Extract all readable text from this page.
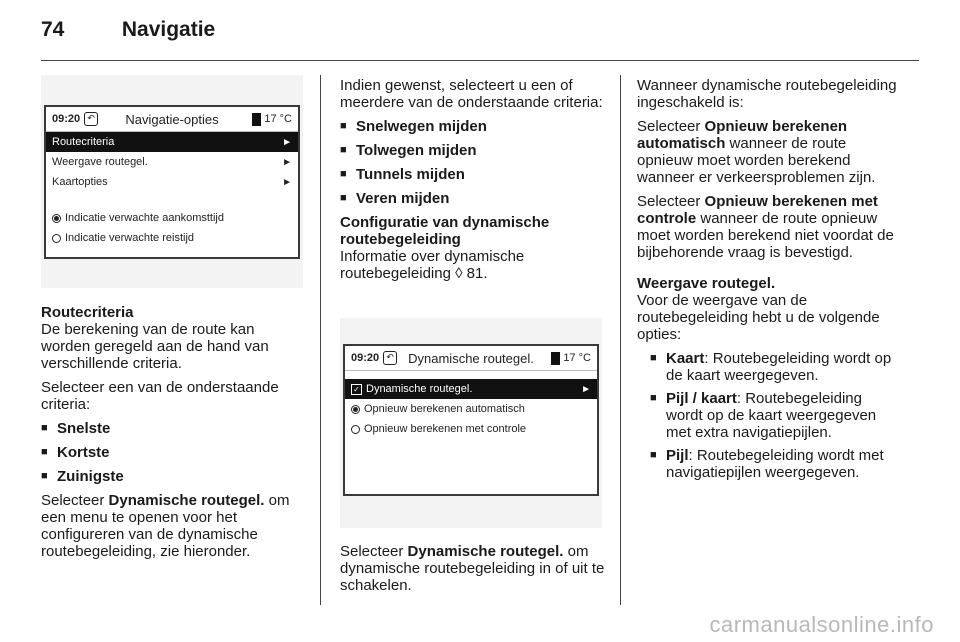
74	Navigatie
09:20 ↶	Navigatie-opties	17 °C
Routecriteria	►
Weergave routegel.	►
Kaartopties	►
Indicatie verwachte aankomsttijd
Indicatie verwachte reistijd
Routecriteria

De berekening van de route kan worden geregeld aan de hand van verschillende criteria.

Selecteer een van de onderstaande criteria:

■ Snelste
■ Kortste
■ Zuinigste

Selecteer Dynamische routegel. om een menu te openen voor het configureren van de dynamische routebegeleiding, zie hieronder.

Indien gewenst, selecteert u een of meerdere van de onderstaande criteria:

■ Snelwegen mijden
■ Tolwegen mijden
■ Tunnels mijden
■ Veren mijden
Configuratie van dynamische routebegeleiding

Informatie over dynamische routebegeleiding ◊ 81.

09:20 ↶	Dynamische routegel.	17 °C
✓ Dynamische routegel.	►
Opnieuw berekenen automatisch
Opnieuw berekenen met controle

Selecteer Dynamische routegel. om dynamische routebegeleiding in of uit te schakelen.

Wanneer dynamische routebegeleiding ingeschakeld is:

Selecteer Opnieuw berekenen automatisch wanneer de route opnieuw moet worden berekend wanneer er verkeersproblemen zijn.

Selecteer Opnieuw berekenen met controle wanneer de route opnieuw moet worden berekend niet voordat de bijbehorende vraag is bevestigd.

Weergave routegel.

Voor de weergave van de routebegeleiding hebt u de volgende opties:

■ Kaart: Routebegeleiding wordt op de kaart weergegeven.
■ Pijl / kaart: Routebegeleiding wordt op de kaart weergegeven met extra navigatiepijlen.
■ Pijl: Routebegeleiding wordt met navigatiepijlen weergegeven.
carmanualsonline.info
